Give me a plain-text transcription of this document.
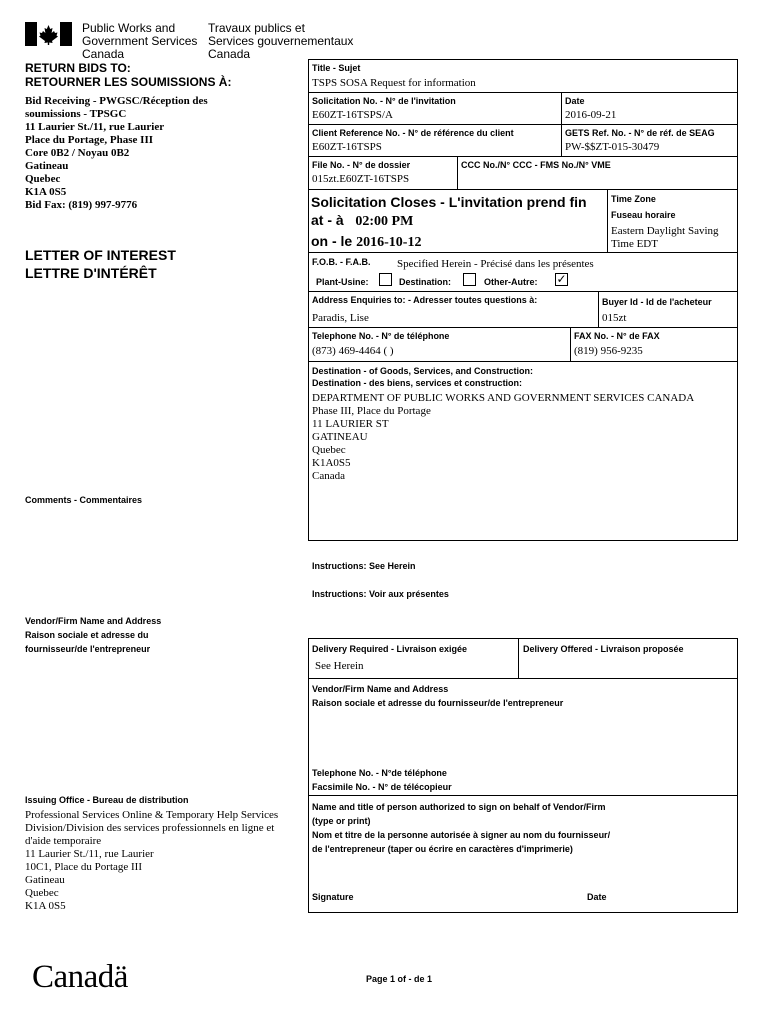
Public Works and
Government Services
Canada
Travaux publics et
Services gouvernementaux
Canada
RETURN BIDS TO:
RETOURNER LES SOUMISSIONS À:
Bid Receiving - PWGSC/Réception des
soumissions - TPSGC
11 Laurier St./11, rue Laurier
Place du Portage, Phase III
Core 0B2 / Noyau 0B2
Gatineau
Quebec
K1A 0S5
Bid Fax: (819) 997-9776
LETTER OF INTEREST
LETTRE D'INTÉRÊT
Comments - Commentaires
Vendor/Firm Name and Address
Raison sociale et adresse du
fournisseur/de l'entrepreneur
Issuing Office - Bureau de distribution
Professional Services Online & Temporary Help Services
Division/Division des services professionnels en ligne et
d'aide temporaire
11 Laurier St./11, rue Laurier
10C1, Place du Portage III
Gatineau
Quebec
K1A 0S5
Title - Sujet
TSPS SOSA Request for information
Solicitation No. - N° de l'invitation
E60ZT-16TSPS/A
Date
2016-09-21
Client Reference No. - N° de référence du client
E60ZT-16TSPS
GETS Ref. No. - N° de réf. de SEAG
PW-$$ZT-015-30479
File No. - N° de dossier
015zt.E60ZT-16TSPS
CCC No./N° CCC - FMS No./N° VME
Solicitation Closes - L'invitation prend fin
at - à 02:00 PM
on - le 2016-10-12
Time Zone
Fuseau horaire
Eastern Daylight Saving
Time EDT
F.O.B. - F.A.B. Specified Herein - Précisé dans les présentes
Plant-Usine:	Destination:	Other-Autre: ✓
Address Enquiries to: - Adresser toutes questions à:
Paradis, Lise
Buyer Id - Id de l'acheteur
015zt
Telephone No. - N° de téléphone
(873) 469-4464 ( )
FAX No. - N° de FAX
(819) 956-9235
Destination - of Goods, Services, and Construction:
Destination - des biens, services et construction:
DEPARTMENT OF PUBLIC WORKS AND GOVERNMENT SERVICES CANADA
Phase III, Place du Portage
11 LAURIER ST
GATINEAU
Quebec
K1A0S5
Canada
Instructions: See Herein
Instructions: Voir aux présentes
Delivery Required - Livraison exigée
See Herein
Delivery Offered - Livraison proposée
Vendor/Firm Name and Address
Raison sociale et adresse du fournisseur/de l'entrepreneur
Telephone No. - N°de téléphone
Facsimile No. - N° de télécopieur
Name and title of person authorized to sign on behalf of Vendor/Firm
(type or print)
Nom et titre de la personne autorisée à signer au nom du fournisseur/
de l'entrepreneur (taper ou écrire en caractères d'imprimerie)
Signature	Date
Canadä	Page 1 of - de 1
